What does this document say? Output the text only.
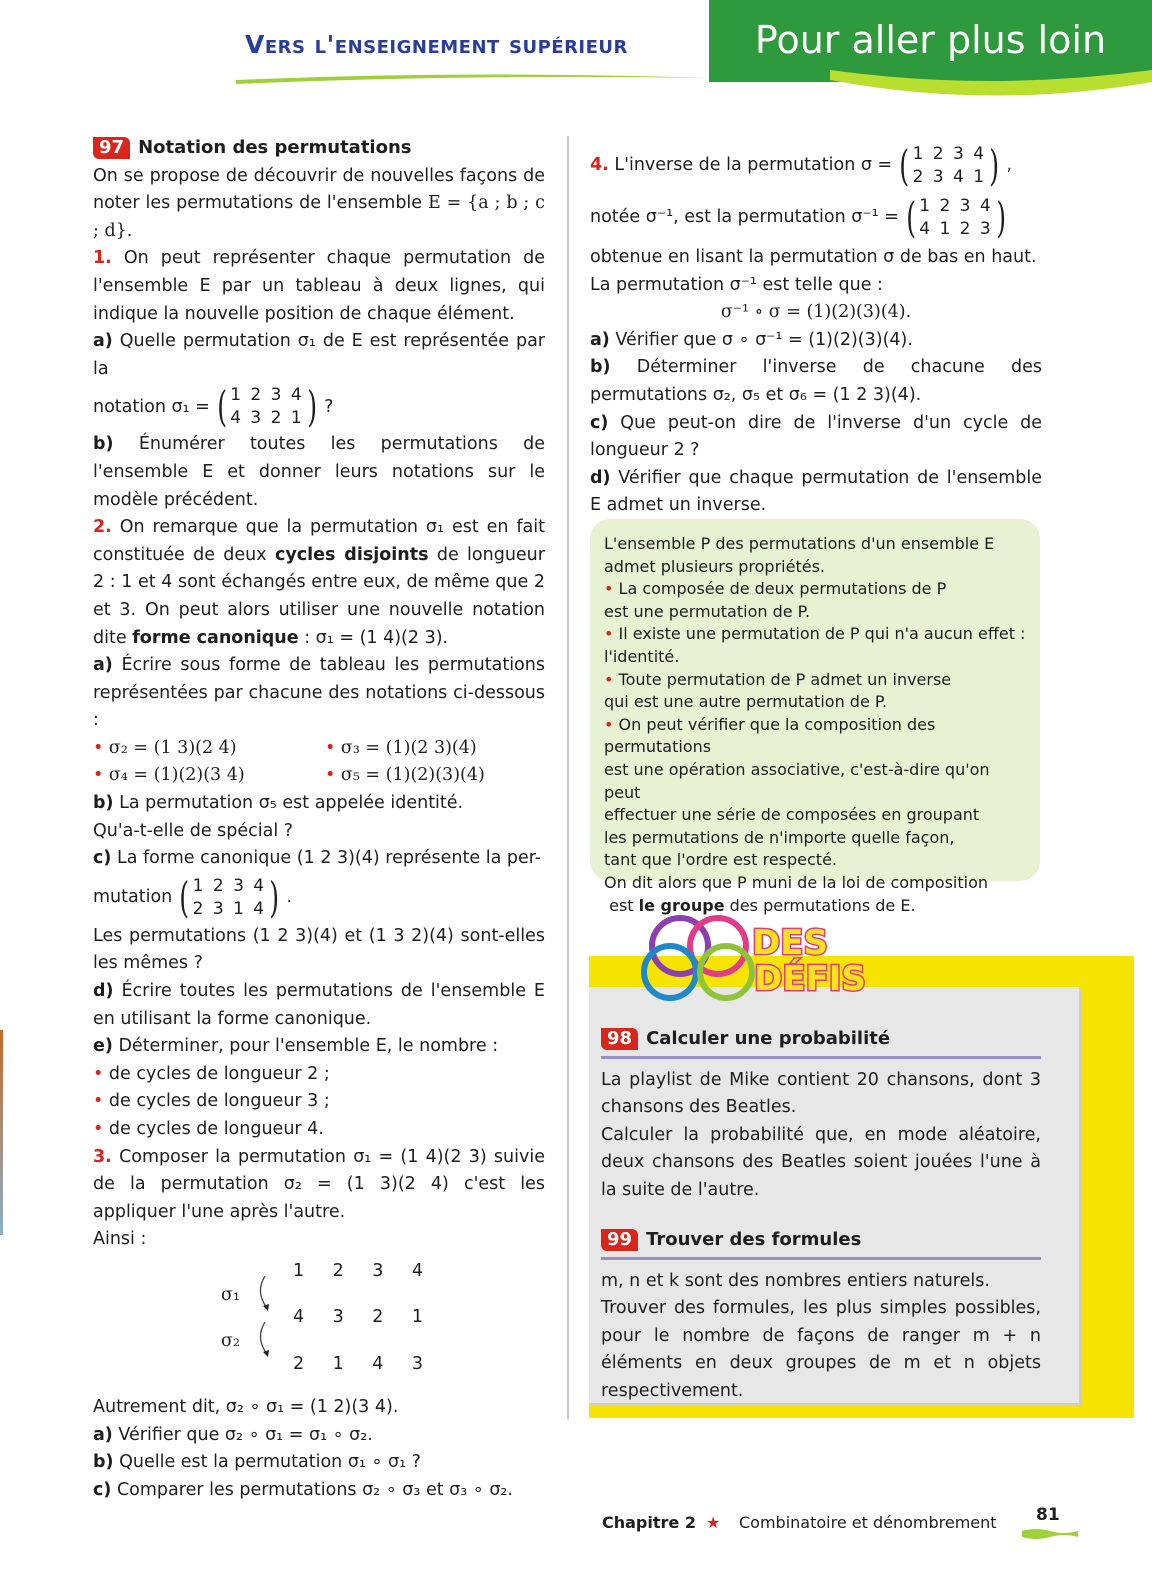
Vers l'enseignement supérieur	Pour aller plus loin
97 Notation des permutations

On se propose de découvrir de nouvelles façons de noter les permutations de l'ensemble E = {a ; b ; c ; d}.

1. On peut représenter chaque permutation de l'ensemble E par un tableau à deux lignes, qui indique la nouvelle position de chaque élément.

a) Quelle permutation σ₁ de E est représentée par la

notation σ₁ = ( 1 2 3 4
4 3 2 1 ) ?

b) Énumérer toutes les permutations de l'ensemble E et donner leurs notations sur le modèle précédent.

2. On remarque que la permutation σ₁ est en fait constituée de deux cycles disjoints de longueur 2 : 1 et 4 sont échangés entre eux, de même que 2 et 3. On peut alors utiliser une nouvelle notation dite forme canonique : σ₁ = (1 4)(2 3).

a) Écrire sous forme de tableau les permutations représentées par chacune des notations ci-dessous :

• σ₂ = (1 3)(2 4)	• σ₃ = (1)(2 3)(4)
• σ₄ = (1)(2)(3 4)	• σ₅ = (1)(2)(3)(4)

b) La permutation σ₅ est appelée identité.

Qu'a-t-elle de spécial ?

c) La forme canonique (1 2 3)(4) représente la per-

mutation ( 1 2 3 4
2 3 1 4 ) .

Les permutations (1 2 3)(4) et (1 3 2)(4) sont-elles les mêmes ?

d) Écrire toutes les permutations de l'ensemble E en utilisant la forme canonique.

e) Déterminer, pour l'ensemble E, le nombre :

• de cycles de longueur 2 ;

• de cycles de longueur 3 ;

• de cycles de longueur 4.

3. Composer la permutation σ₁ = (1 4)(2 3) suivie de la permutation σ₂ = (1 3)(2 4) c'est les appliquer l'une après l'autre.

Ainsi :

1 2 3 4
4 3 2 1
2 1 4 3
σ₁
σ₂

Autrement dit, σ₂ ∘ σ₁ = (1 2)(3 4).

a) Vérifier que σ₂ ∘ σ₁ = σ₁ ∘ σ₂.

b) Quelle est la permutation σ₁ ∘ σ₁ ?

c) Comparer les permutations σ₂ ∘ σ₃ et σ₃ ∘ σ₂.

4.
L'inverse de la permutation σ = ( 1 2 3 4
2 3 4 1 ) ,
notée σ⁻¹, est la permutation σ⁻¹ = ( 1 2 3 4
4 1 2 3 )

obtenue en lisant la permutation σ de bas en haut.

La permutation σ⁻¹ est telle que :

σ⁻¹ ∘ σ = (1)(2)(3)(4).

a) Vérifier que σ ∘ σ⁻¹ = (1)(2)(3)(4).

b) Déterminer l'inverse de chacune des permutations σ₂, σ₅ et σ₆ = (1 2 3)(4).

c) Que peut-on dire de l'inverse d'un cycle de longueur 2 ?

d) Vérifier que chaque permutation de l'ensemble E admet un inverse.

L'ensemble P des permutations d'un ensemble E
admet plusieurs propriétés.
• La composée de deux permutations de P
est une permutation de P.
• Il existe une permutation de P qui n'a aucun effet :
l'identité.
• Toute permutation de P admet un inverse
qui est une autre permutation de P.
• On peut vérifier que la composition des permutations
est une opération associative, c'est-à-dire qu'on peut
effectuer une série de composées en groupant
les permutations de n'importe quelle façon,
tant que l'ordre est respecté.
On dit alors que P muni de la loi de composition
est le groupe des permutations de E.
DES
DÉFIS
98 Calculer une probabilité

La playlist de Mike contient 20 chansons, dont 3 chansons des Beatles.

Calculer la probabilité que, en mode aléatoire, deux chansons des Beatles soient jouées l'une à la suite de l'autre.

99 Trouver des formules

m, n et k sont des nombres entiers naturels.

Trouver des formules, les plus simples possibles, pour le nombre de façons de ranger m + n éléments en deux groupes de m et n objets respectivement.

Chapitre 2 ★ Combinatoire et dénombrement 81
